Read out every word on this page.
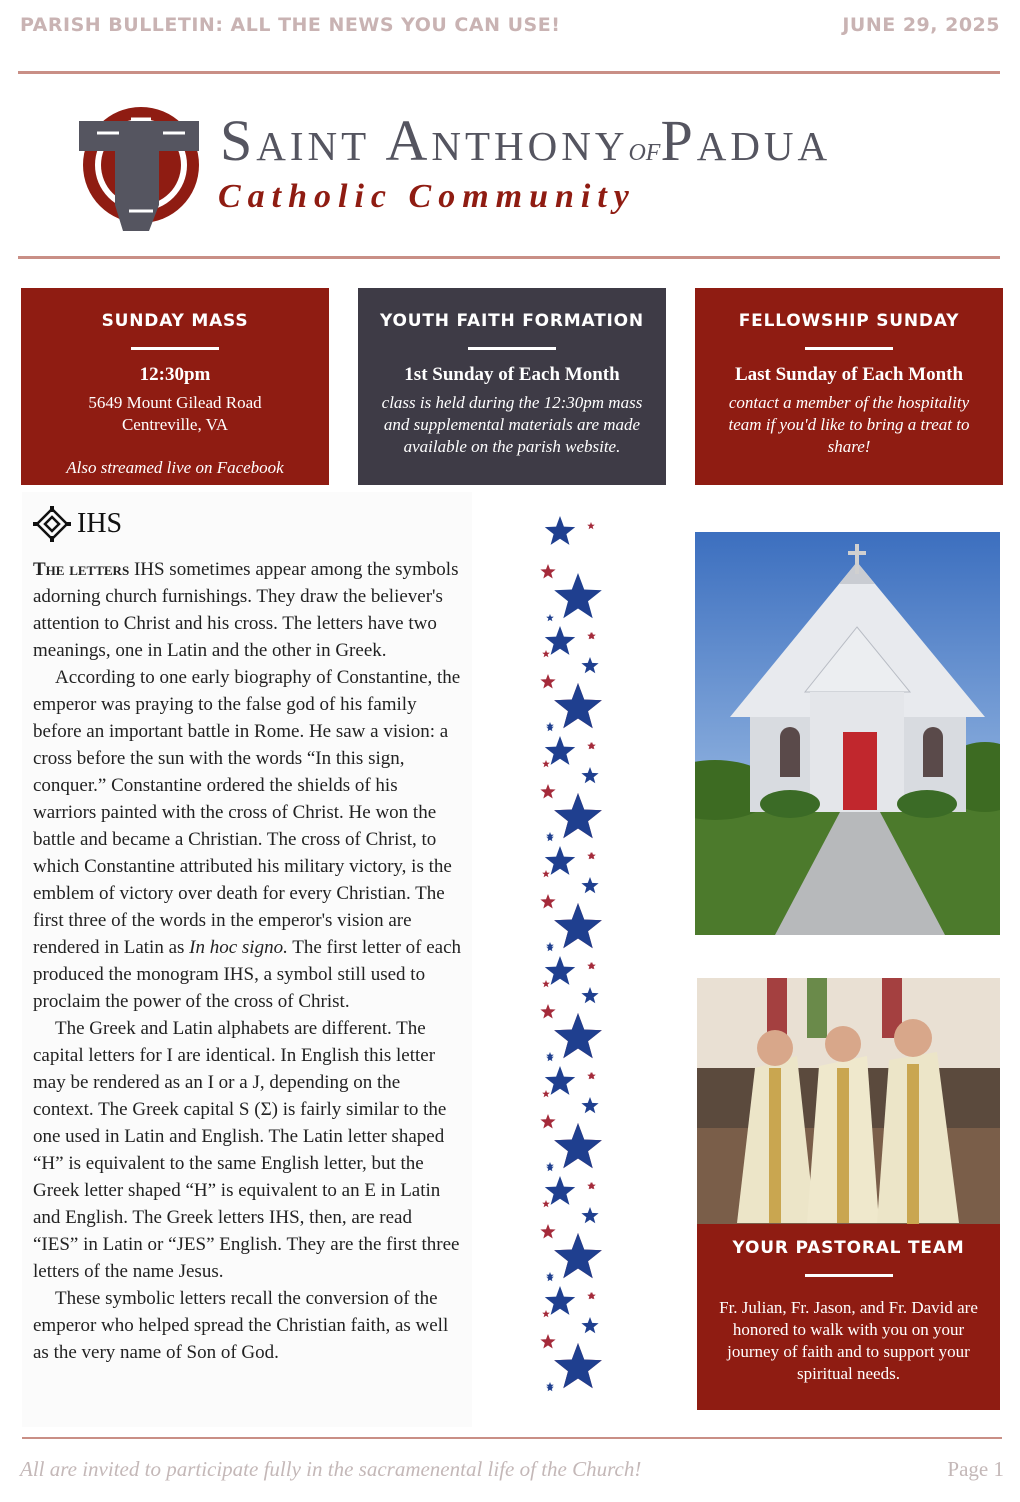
PARISH BULLETIN: ALL THE NEWS YOU CAN USE!	JUNE 29, 2025
Saint AnthonyofPadua
Catholic Community
SUNDAY MASS
12:30pm
5649 Mount Gilead Road
Centreville, VA
Also streamed live on Facebook
YOUTH FAITH FORMATION
1st Sunday of Each Month
class is held during the 12:30pm mass and supplemental materials are made available on the parish website.
FELLOWSHIP SUNDAY
Last Sunday of Each Month
contact a member of the hospitality team if you'd like to bring a treat to share!
IHS

The letters IHS sometimes appear among the symbols adorning church furnishings. They draw the believer's attention to Christ and his cross. The letters have two meanings, one in Latin and the other in Greek.

According to one early biography of Constantine, the emperor was praying to the false god of his family before an important battle in Rome. He saw a vision: a cross before the sun with the words “In this sign, conquer.” Constantine ordered the shields of his warriors painted with the cross of Christ. He won the battle and became a Christian. The cross of Christ, to which Constantine attributed his military victory, is the emblem of victory over death for every Christian. The first three of the words in the emperor's vision are rendered in Latin as In hoc signo. The first letter of each produced the monogram IHS, a symbol still used to proclaim the power of the cross of Christ.

The Greek and Latin alphabets are different. The capital letters for I are identical. In English this letter may be rendered as an I or a J, depending on the context. The Greek capital S (Σ) is fairly similar to the one used in Latin and English. The Latin letter shaped “H” is equivalent to the same English letter, but the Greek letter shaped “H” is equivalent to an E in Latin and English. The Greek letters IHS, then, are read “IES” in Latin or “JES” English. They are the first three letters of the name Jesus.

These symbolic letters recall the conversion of the emperor who helped spread the Christian faith, as well as the very name of Son of God.

YOUR PASTORAL TEAM
Fr. Julian, Fr. Jason, and Fr. David are honored to walk with you on your journey of faith and to support your spiritual needs.
All are invited to participate fully in the sacramenental life of the Church!	Page 1
